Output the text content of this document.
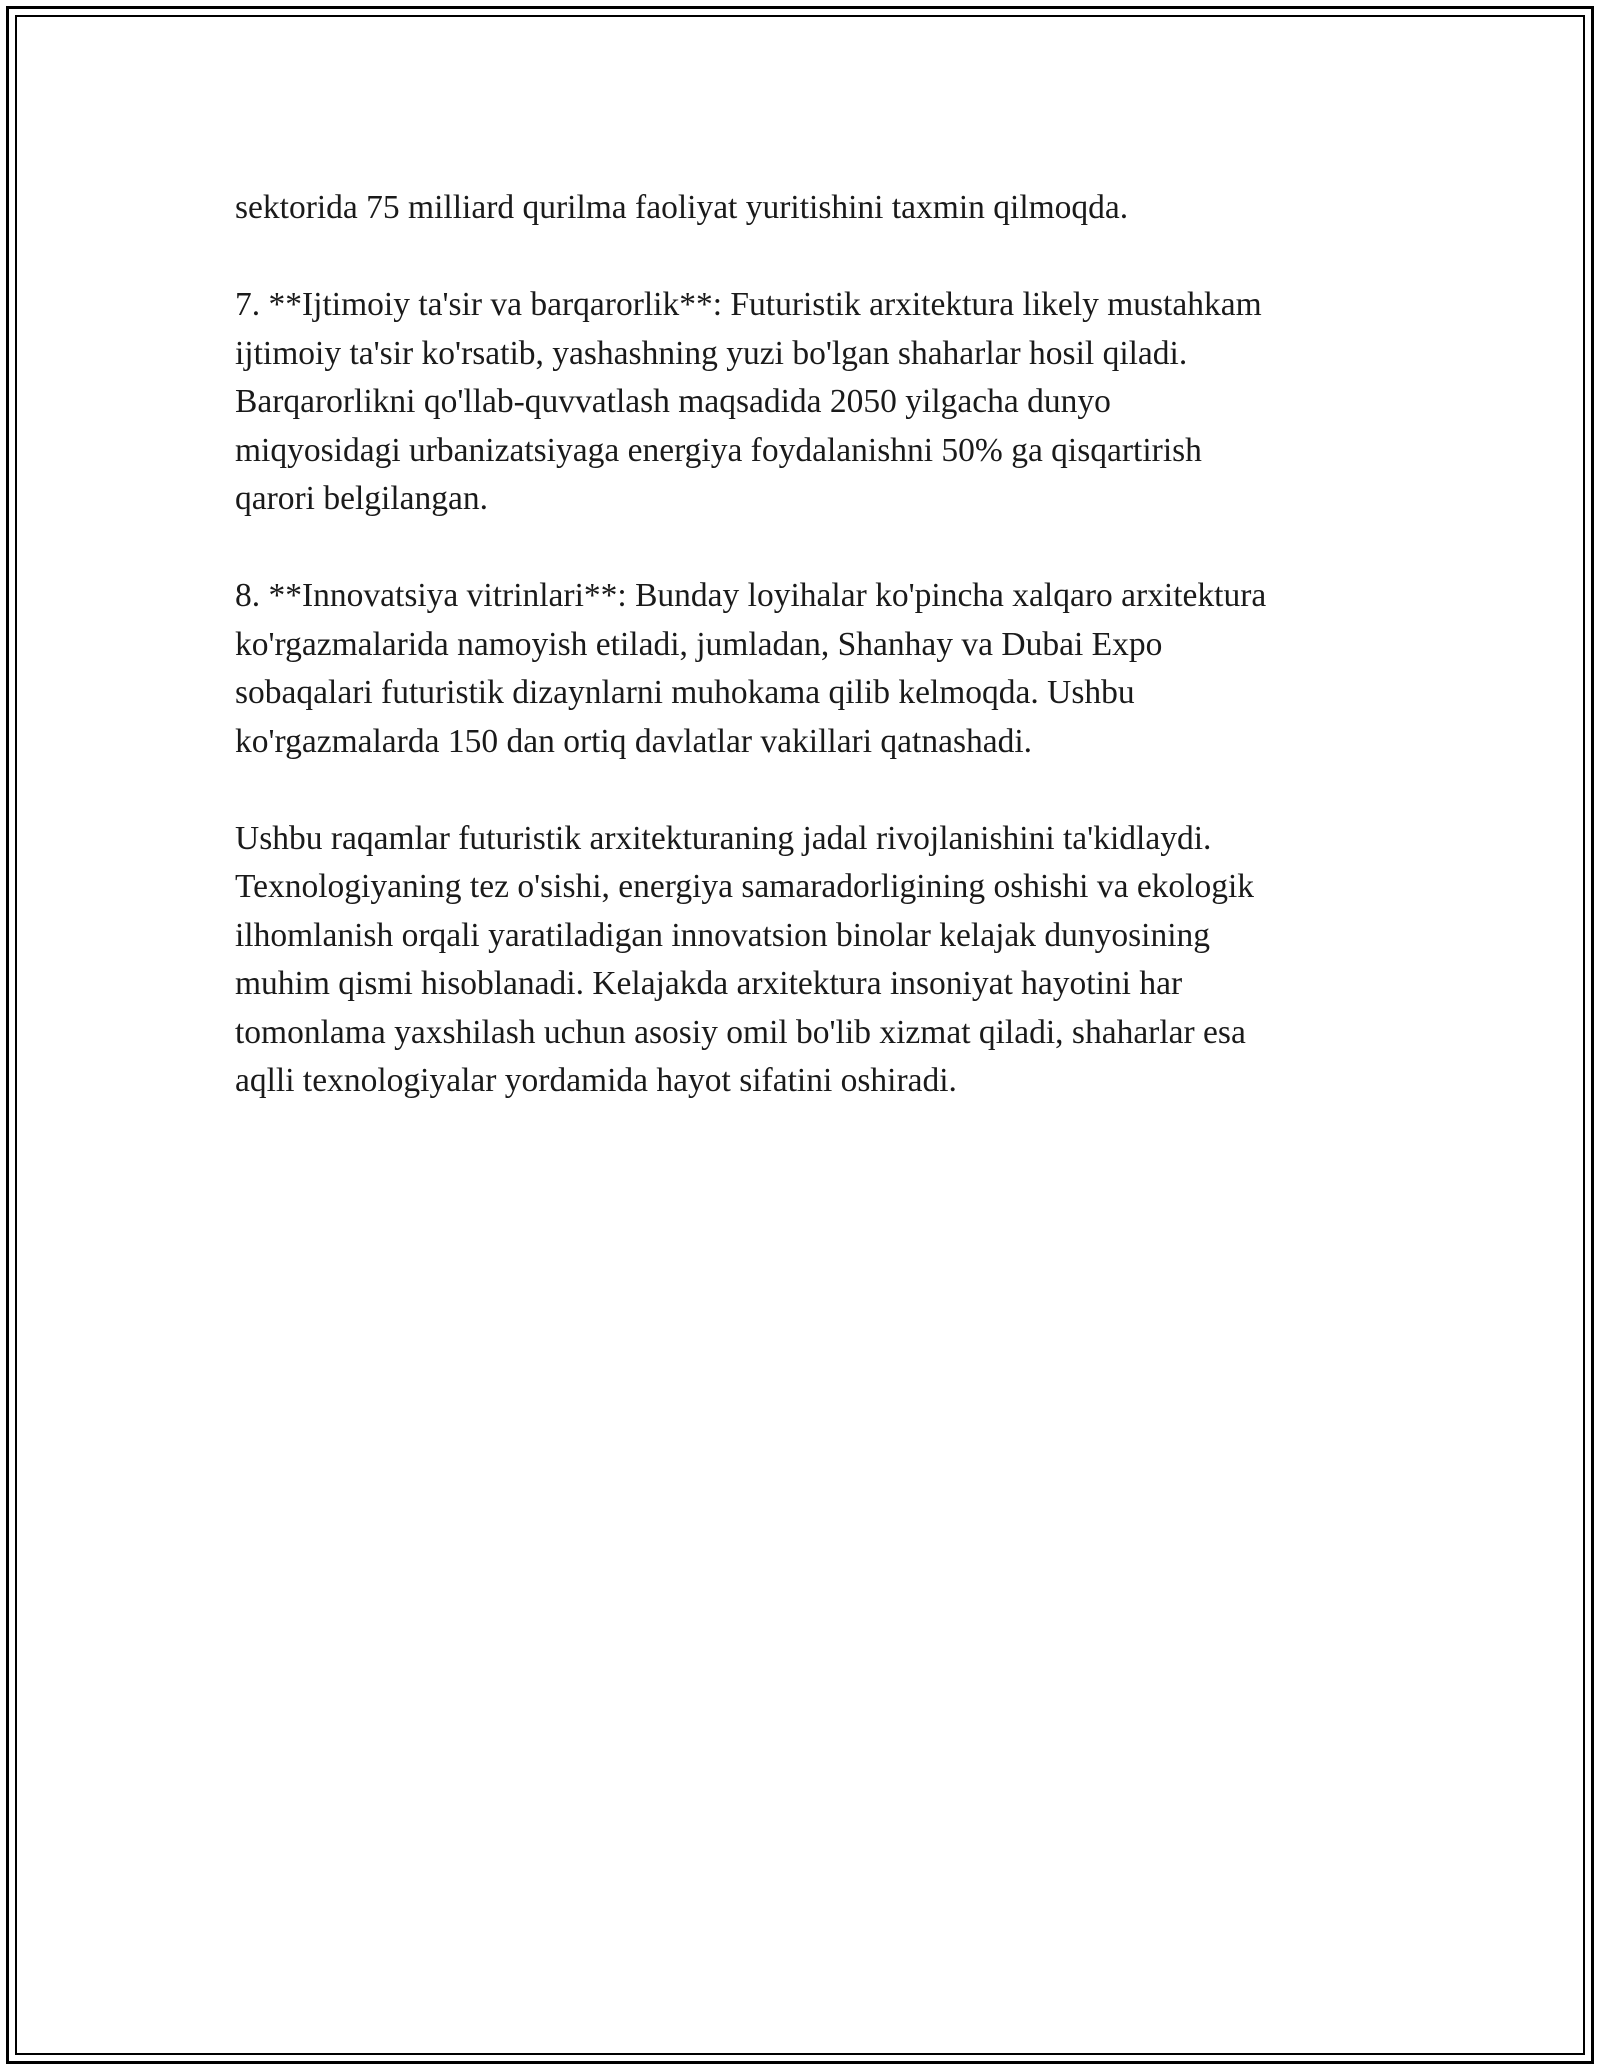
sektorida 75 milliard qurilma faoliyat yuritishini taxmin qilmoqda.

7. **Ijtimoiy ta'sir va barqarorlik**: Futuristik arxitektura likely mustahkam
ijtimoiy ta'sir ko'rsatib, yashashning yuzi bo'lgan shaharlar hosil qiladi.
Barqarorlikni qo'llab-quvvatlash maqsadida 2050 yilgacha dunyo
miqyosidagi urbanizatsiyaga energiya foydalanishni 50% ga qisqartirish
qarori belgilangan.

8. **Innovatsiya vitrinlari**: Bunday loyihalar ko'pincha xalqaro arxitektura
ko'rgazmalarida namoyish etiladi, jumladan, Shanhay va Dubai Expo
sobaqalari futuristik dizaynlarni muhokama qilib kelmoqda. Ushbu
ko'rgazmalarda 150 dan ortiq davlatlar vakillari qatnashadi.

Ushbu raqamlar futuristik arxitekturaning jadal rivojlanishini ta'kidlaydi.
Texnologiyaning tez o'sishi, energiya samaradorligining oshishi va ekologik
ilhomlanish orqali yaratiladigan innovatsion binolar kelajak dunyosining
muhim qismi hisoblanadi. Kelajakda arxitektura insoniyat hayotini har
tomonlama yaxshilash uchun asosiy omil bo'lib xizmat qiladi, shaharlar esa
aqlli texnologiyalar yordamida hayot sifatini oshiradi.
